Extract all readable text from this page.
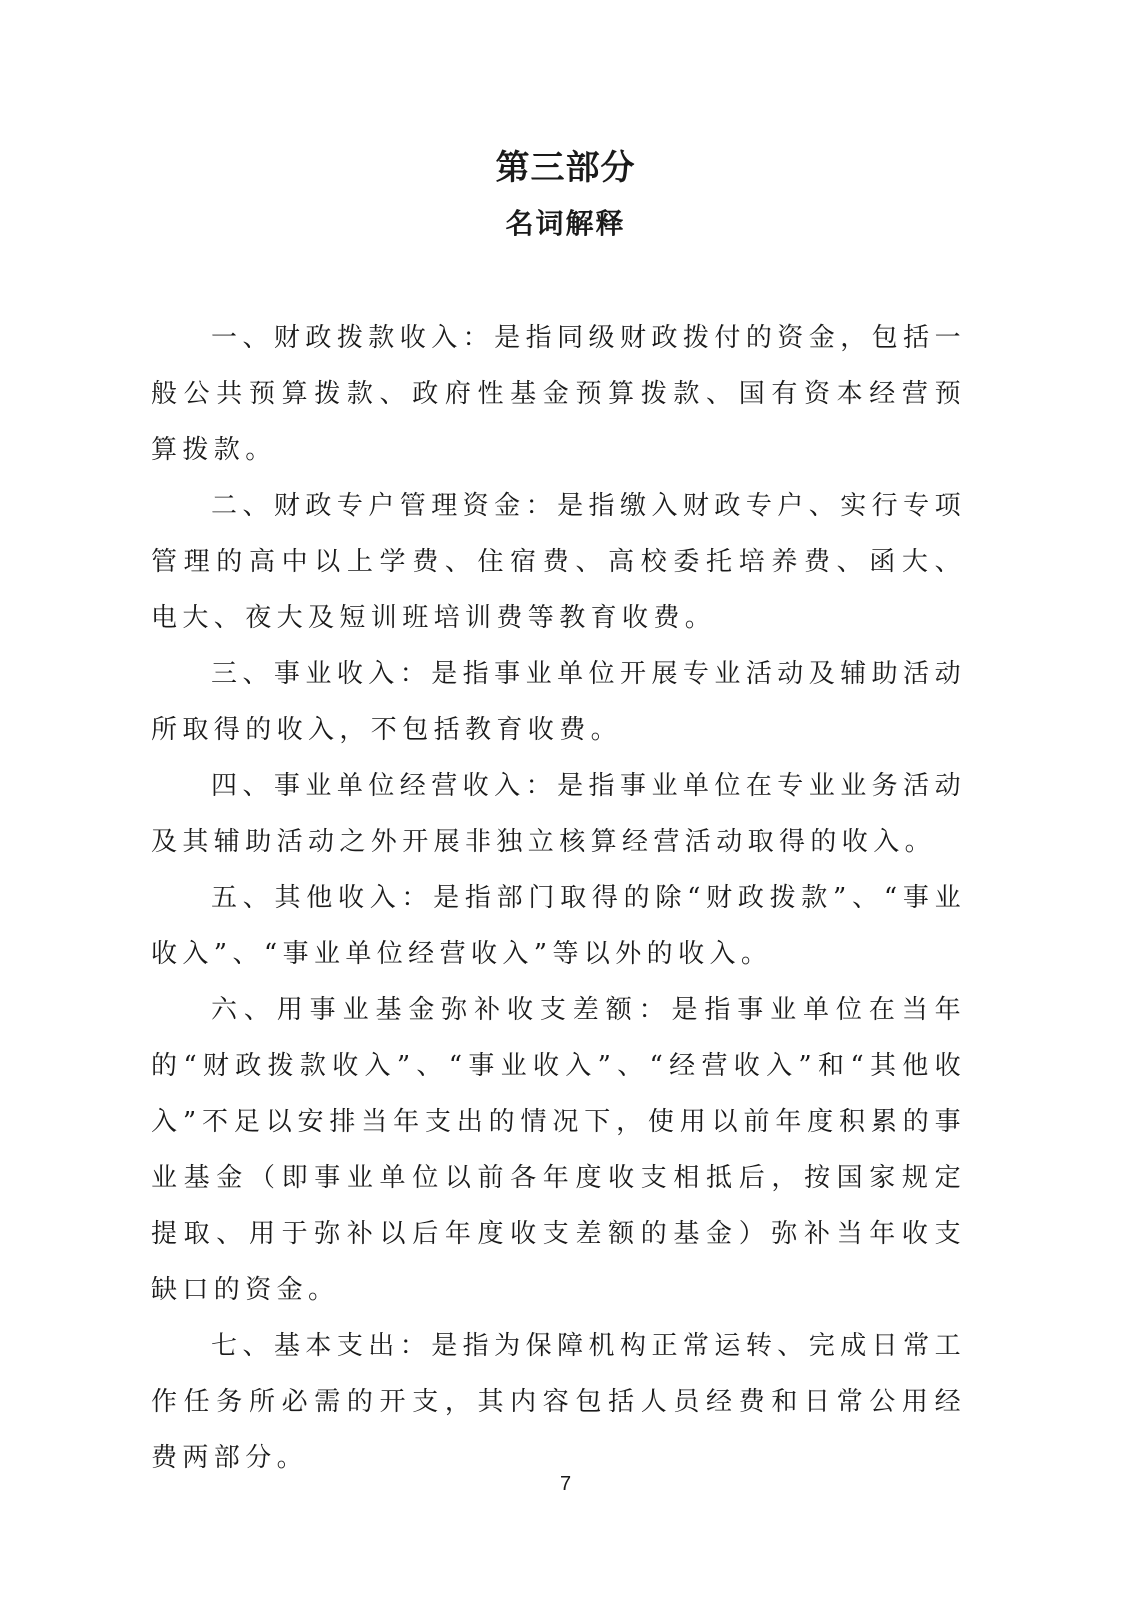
第三部分
名词解释

一、财政拨款收入：是指同级财政拨付的资金，包括一般公共预算拨款、政府性基金预算拨款、国有资本经营预算拨款。

二、财政专户管理资金：是指缴入财政专户、实行专项管理的高中以上学费、住宿费、高校委托培养费、函大、电大、夜大及短训班培训费等教育收费。

三、事业收入：是指事业单位开展专业活动及辅助活动所取得的收入，不包括教育收费。

四、事业单位经营收入：是指事业单位在专业业务活动及其辅助活动之外开展非独立核算经营活动取得的收入。

五、其他收入：是指部门取得的除“财政拨款”、“事业收入”、“事业单位经营收入”等以外的收入。

六、用事业基金弥补收支差额：是指事业单位在当年的“财政拨款收入”、“事业收入”、“经营收入”和“其他收入”不足以安排当年支出的情况下，使用以前年度积累的事业基金（即事业单位以前各年度收支相抵后，按国家规定提取、用于弥补以后年度收支差额的基金）弥补当年收支缺口的资金。

七、基本支出：是指为保障机构正常运转、完成日常工作任务所必需的开支，其内容包括人员经费和日常公用经费两部分。

7
